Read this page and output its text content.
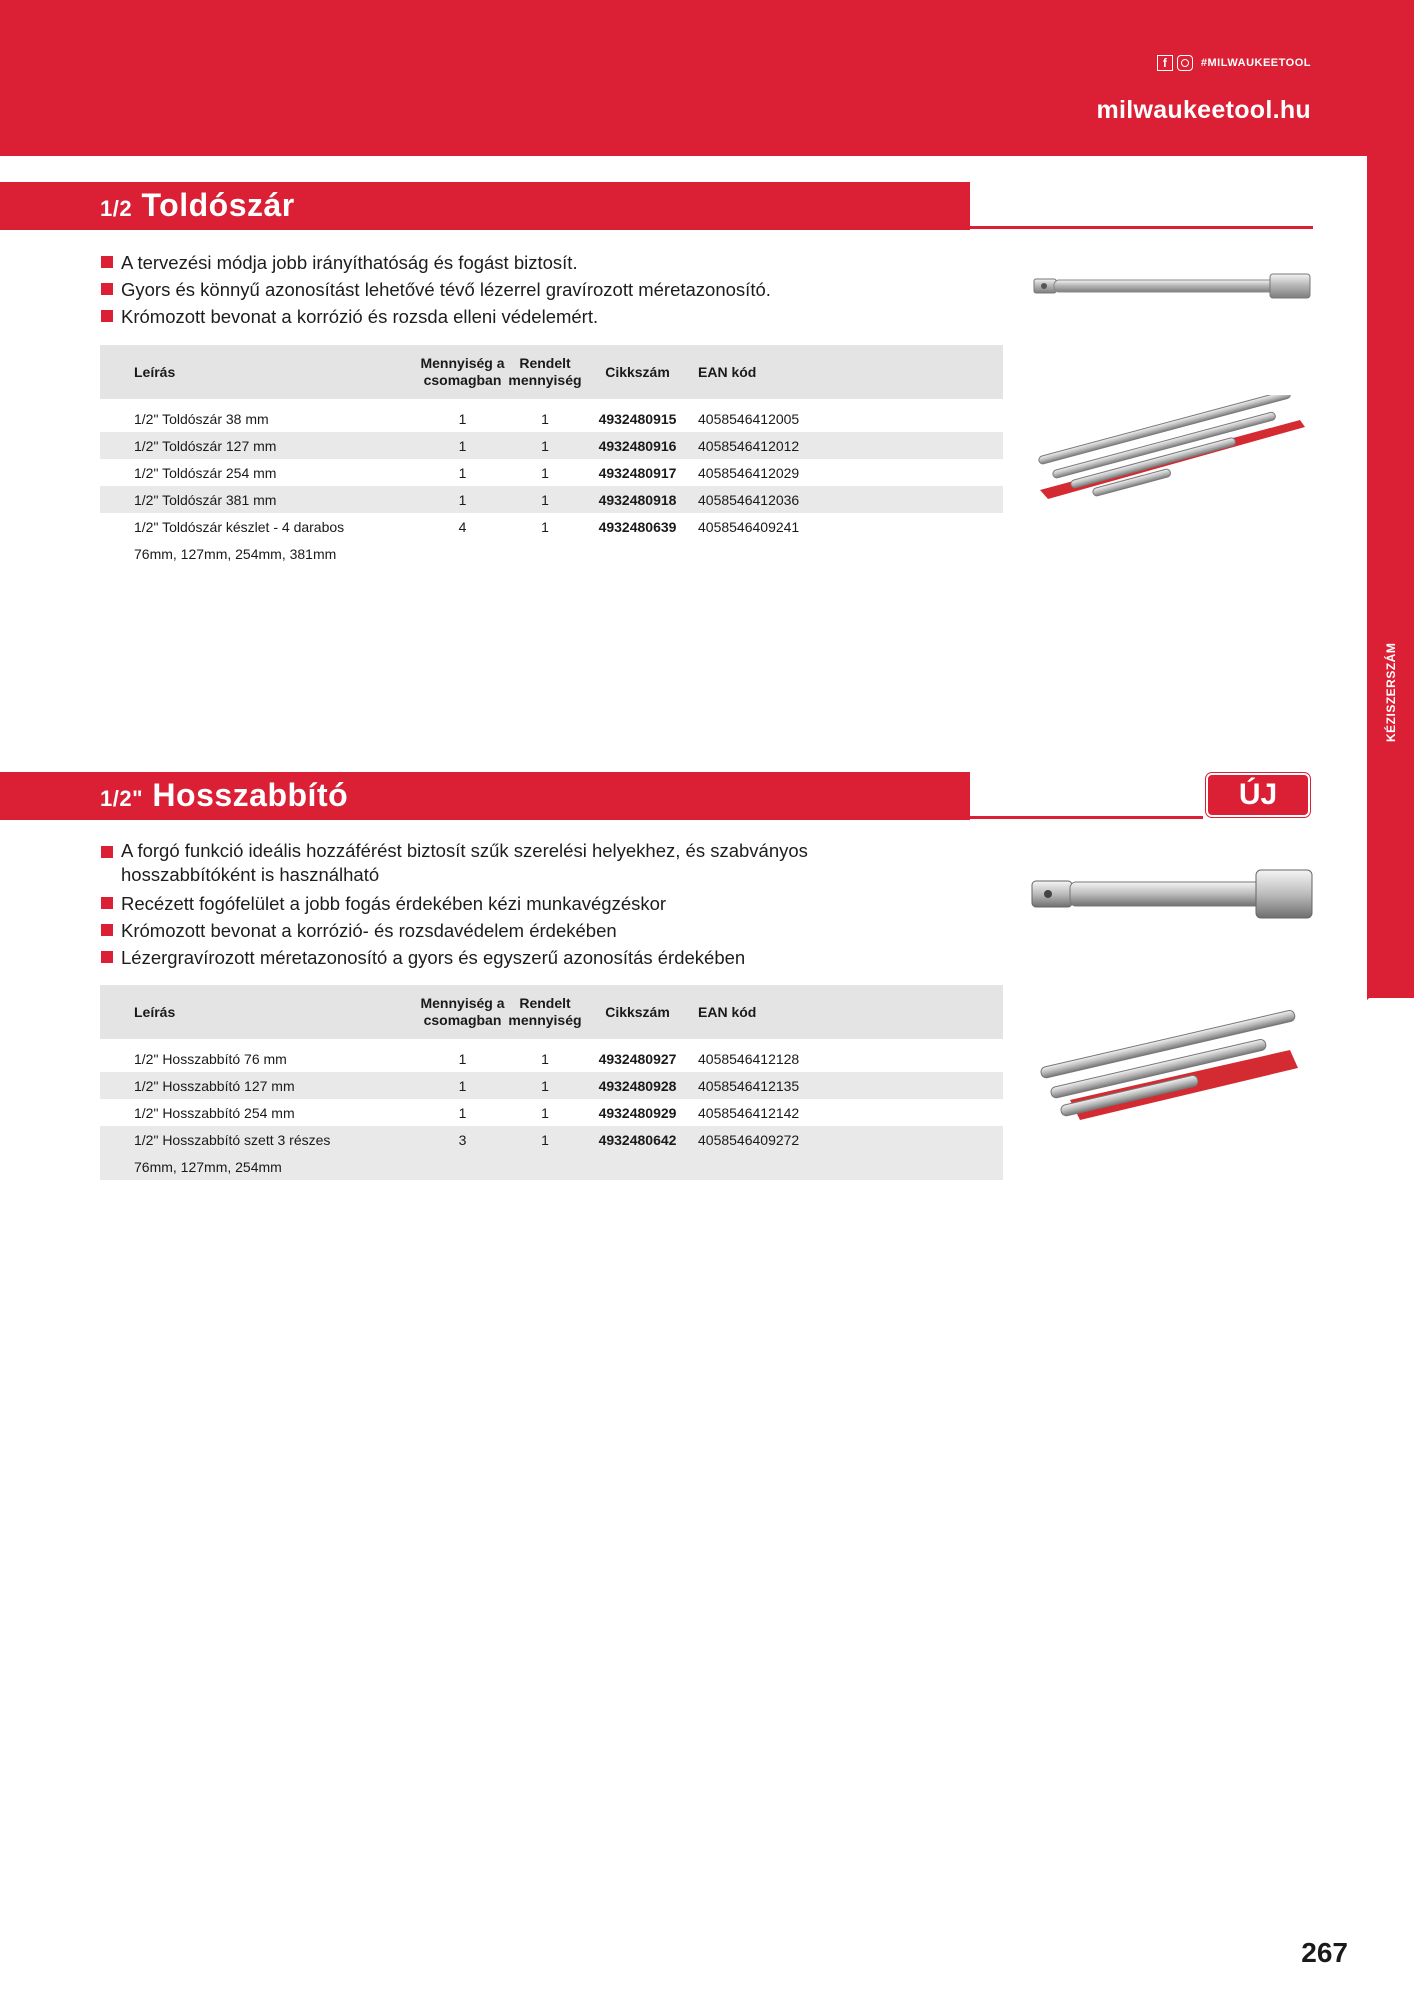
f	#MILWAUKEETOOL
milwaukeetool.hu
KÉZISZERSZÁM
1/2 Toldószár
A tervezési módja jobb irányíthatóság és fogást biztosít.
Gyors és könnyű azonosítást lehetővé tévő lézerrel gravírozott méretazonosító.
Krómozott bevonat a korrózió és rozsda elleni védelemért.
Leírás	Mennyiség a csomagban	Rendelt mennyiség	Cikkszám	EAN kód

1/2" Toldószár 38 mm	1	1	4932480915	4058546412005
1/2" Toldószár 127 mm	1	1	4932480916	4058546412012
1/2" Toldószár 254 mm	1	1	4932480917	4058546412029
1/2" Toldószár 381 mm	1	1	4932480918	4058546412036
1/2" Toldószár készlet - 4 darabos	4	1	4932480639	4058546409241
76mm, 127mm, 254mm, 381mm				
1/2" Hosszabbító	ÚJ
A forgó funkció ideális hozzáférést biztosít szűk szerelési helyekhez, és szabványos hosszabbítóként is használható
Recézett fogófelület a jobb fogás érdekében kézi munkavégzéskor
Krómozott bevonat a korrózió- és rozsdavédelem érdekében
Lézergravírozott méretazonosító a gyors és egyszerű azonosítás érdekében
Leírás	Mennyiség a csomagban	Rendelt mennyiség	Cikkszám	EAN kód

1/2" Hosszabbító 76 mm	1	1	4932480927	4058546412128
1/2" Hosszabbító 127 mm	1	1	4932480928	4058546412135
1/2" Hosszabbító 254 mm	1	1	4932480929	4058546412142
1/2" Hosszabbító szett 3 részes	3	1	4932480642	4058546409272
76mm, 127mm, 254mm				
267
